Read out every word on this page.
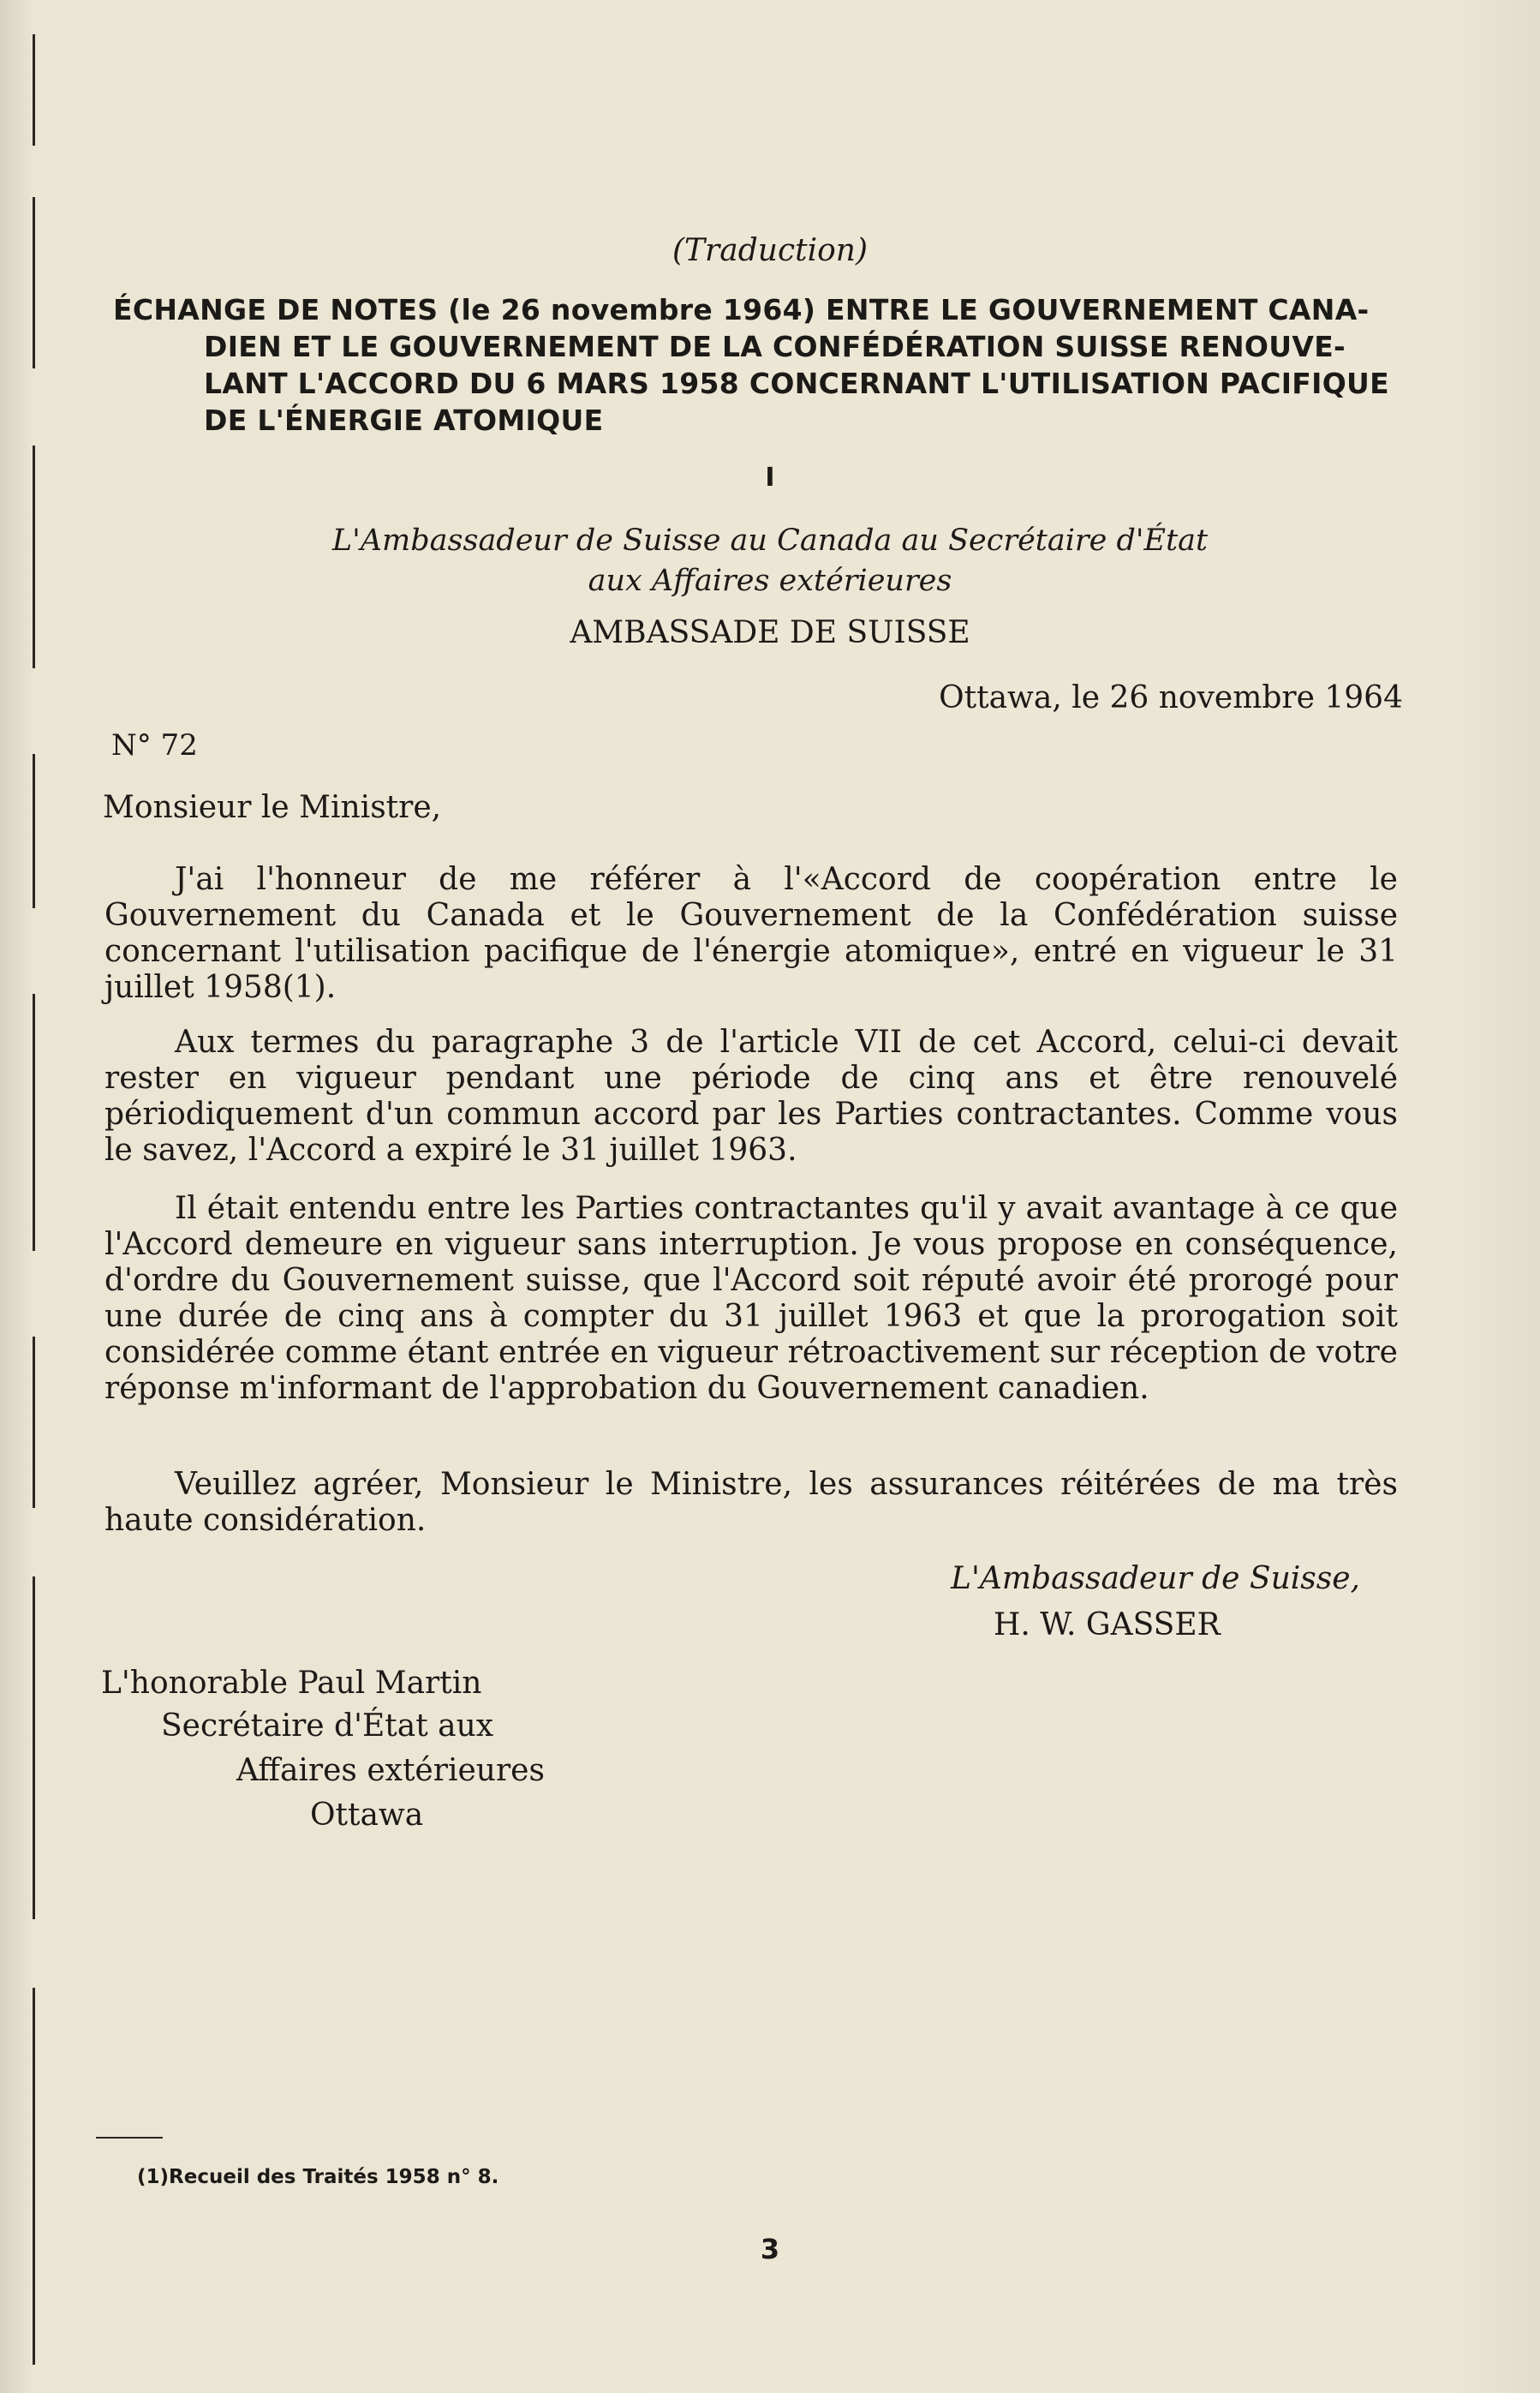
(Traduction)
ÉCHANGE DE NOTES (le 26 novembre 1964) ENTRE LE GOUVERNEMENT CANA-
DIEN ET LE GOUVERNEMENT DE LA CONFÉDÉRATION SUISSE RENOUVE- LANT L'ACCORD DU 6 MARS 1958 CONCERNANT L'UTILISATION PACIFIQUE DE L'ÉNERGIE ATOMIQUE
I
L'Ambassadeur de Suisse au Canada au Secrétaire d'État
aux Affaires extérieures
AMBASSADE DE SUISSE
Ottawa, le 26 novembre 1964
N° 72
Monsieur le Ministre,
J'ai l'honneur de me référer à l'«Accord de coopération entre le Gouvernement du Canada et le Gouvernement de la Confédération suisse concernant l'utilisation pacifique de l'énergie atomique», entré en vigueur le 31 juillet 1958(1).
Aux termes du paragraphe 3 de l'article VII de cet Accord, celui-ci devait rester en vigueur pendant une période de cinq ans et être renouvelé périodiquement d'un commun accord par les Parties contractantes. Comme vous le savez, l'Accord a expiré le 31 juillet 1963.
Il était entendu entre les Parties contractantes qu'il y avait avantage à ce que l'Accord demeure en vigueur sans interruption. Je vous propose en conséquence, d'ordre du Gouvernement suisse, que l'Accord soit réputé avoir été prorogé pour une durée de cinq ans à compter du 31 juillet 1963 et que la prorogation soit considérée comme étant entrée en vigueur rétroactivement sur réception de votre réponse m'informant de l'approbation du Gouvernement canadien.
Veuillez agréer, Monsieur le Ministre, les assurances réitérées de ma très haute considération.
L'Ambassadeur de Suisse,
H. W. GASSER
L'honorable Paul Martin
Secrétaire d'État aux
Affaires extérieures
Ottawa
(1)Recueil des Traités 1958 n° 8.
3
